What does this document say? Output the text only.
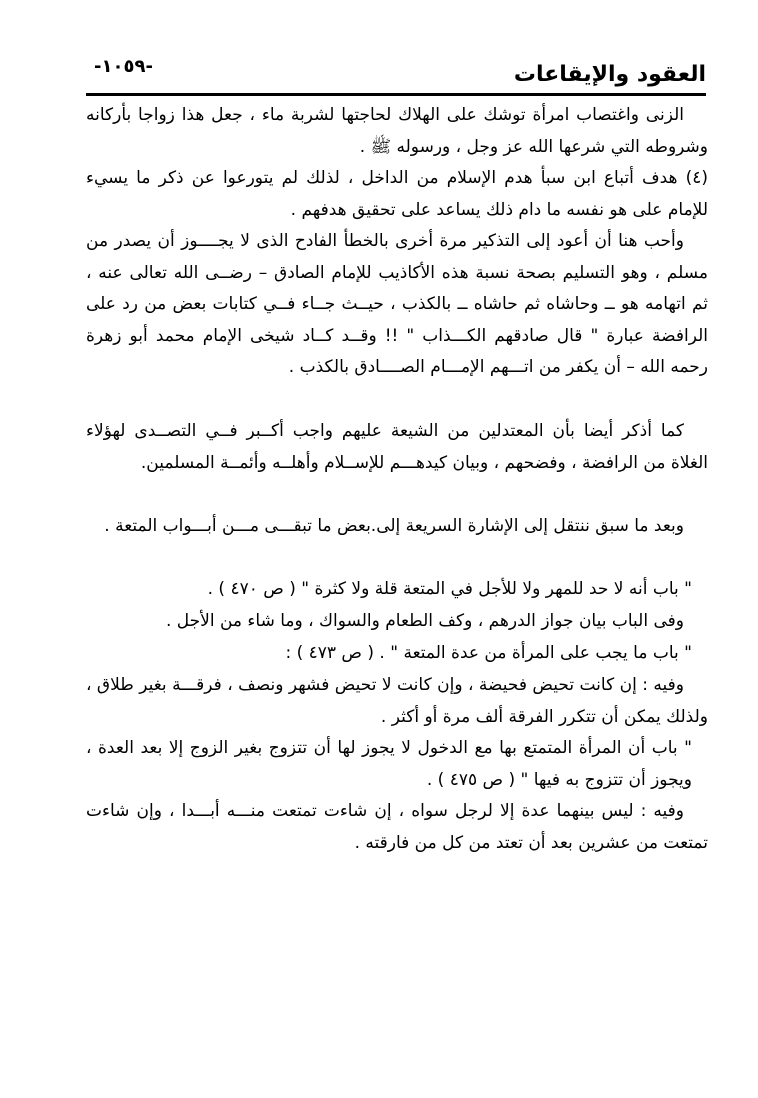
العقود والإيقاعات
-١٠٥٩-

الزنى واغتصاب امرأة توشك على الهلاك لحاجتها لشربة ماء ، جعل هذا زواجا بأركانه وشروطه التي شرعها الله عز وجل ، ورسوله ﷺ .

(٤) هدف أتباع ابن سبأ هدم الإسلام من الداخل ، لذلك لم يتورعوا عن ذكر ما يسيء للإمام على هو نفسه ما دام ذلك يساعد على تحقيق هدفهم .

وأحب هنا أن أعود إلى التذكير مرة أخرى بالخطأ الفادح الذى لا يجــــوز أن يصدر من مسلم ، وهو التسليم بصحة نسبة هذه الأكاذيب للإمام الصادق – رضــى الله تعالى عنه ، ثم اتهامه هو ــ وحاشاه ثم حاشاه ــ بالكذب ، حيــث جــاء فــي كتابات بعض من رد على الرافضة عبارة " قال صادقهم الكـــذاب " !! وقــد كــاد شيخى الإمام محمد أبو زهرة رحمه الله – أن يكفر من اتـــهم الإمـــام الصــــادق بالكذب .

كما أذكر أيضا بأن المعتدلين من الشيعة عليهم واجب أكــبر فــي التصــدى لهؤلاء الغلاة من الرافضة ، وفضحهم ، وبيان كيدهـــم للإســلام وأهلــه وأئمــة المسلمين.

وبعد ما سبق ننتقل إلى الإشارة السريعة إلى.بعض ما تبقـــى مـــن أبـــواب المتعة .

" باب أنه لا حد للمهر ولا للأجل في المتعة قلة ولا كثرة " ( ص ٤٧٠ ) .

وفى الباب بيان جواز الدرهم ، وكف الطعام والسواك ، وما شاء من الأجل .

" باب ما يجب على المرأة من عدة المتعة " . ( ص ٤٧٣ ) :

وفيه : إن كانت تحيض فحيضة ، وإن كانت لا تحيض فشهر ونصف ، فرقـــة بغير طلاق ، ولذلك يمكن أن تتكرر الفرقة ألف مرة أو أكثر .

" باب أن المرأة المتمتع بها مع الدخول لا يجوز لها أن تتزوج بغير الزوج إلا بعد العدة ، ويجوز أن تتزوج به فيها " ( ص ٤٧٥ ) .

وفيه : ليس بينهما عدة إلا لرجل سواه ، إن شاءت تمتعت منـــه أبـــدا ، وإن شاءت تمتعت من عشرين بعد أن تعتد من كل من فارقته .
